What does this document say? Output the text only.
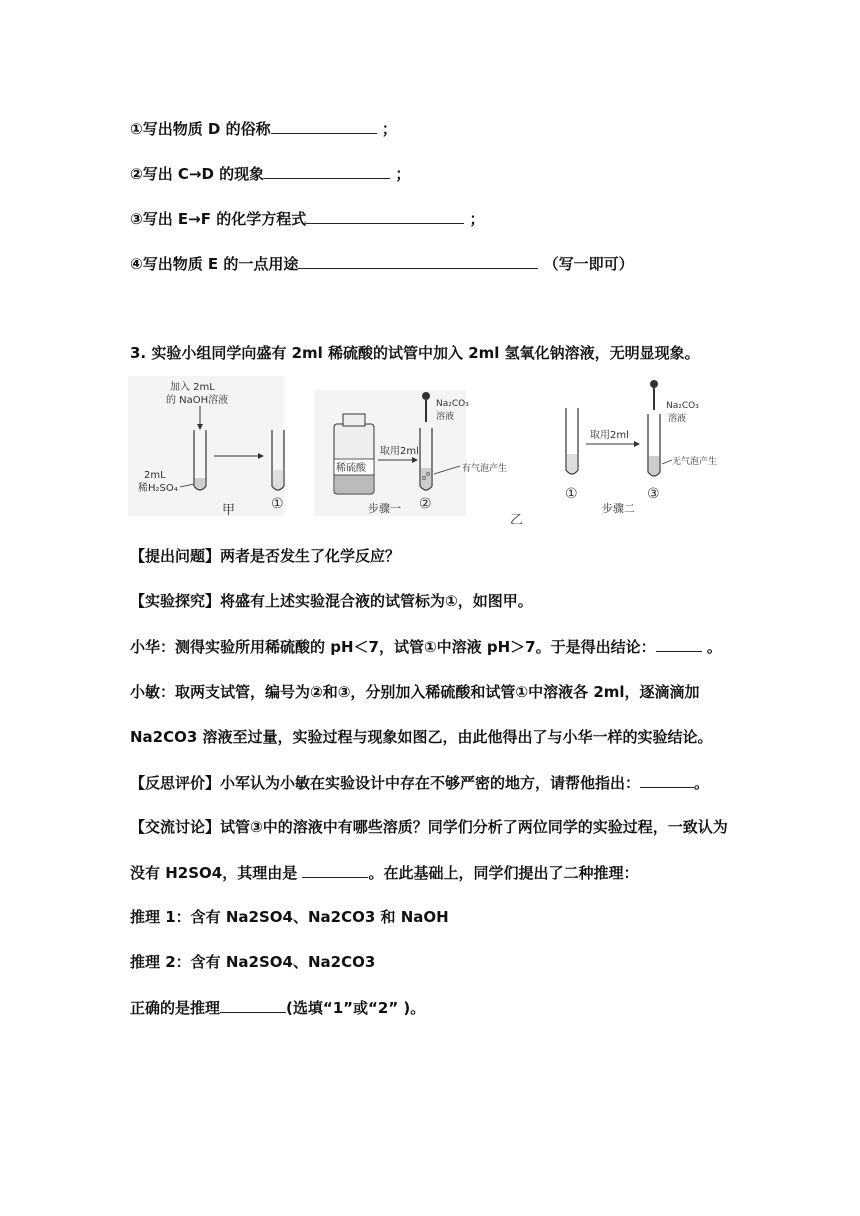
①写出物质 D 的俗称	；
②写出 C→D 的现象	；
③写出 E→F 的化学方程式	；
④写出物质 E 的一点用途	（写一即可）
3. 实验小组同学向盛有 2ml 稀硫酸的试管中加入 2ml 氢氧化钠溶液，无明显现象。
加入 2mL
的 NaOH溶液
2mL
稀H₂SO₄
甲	①
稀硫酸
取用2ml
Na₂CO₃
溶液
有气泡产生
步骤一 ②
乙
①
取用2ml
Na₂CO₃
溶液
无气泡产生
步骤二
③
【提出问题】两者是否发生了化学反应？
【实验探究】将盛有上述实验混合液的试管标为①，如图甲。
小华：测得实验所用稀硫酸的 pH＜7，试管①中溶液 pH＞7。于是得出结论：	。
小敏：取两支试管，编号为②和③，分别加入稀硫酸和试管①中溶液各 2ml，逐滴滴加
Na2CO3 溶液至过量，实验过程与现象如图乙，由此他得出了与小华一样的实验结论。
【反思评价】小军认为小敏在实验设计中存在不够严密的地方，请帮他指出：	。
【交流讨论】试管③中的溶液中有哪些溶质？同学们分析了两位同学的实验过程，一致认为
没有 H2SO4，其理由是	。在此基础上，同学们提出了二种推理：
推理 1：含有 Na2SO4、Na2CO3 和 NaOH
推理 2：含有 Na2SO4、Na2CO3
正确的是推理	(选填“1”或“2” )。
